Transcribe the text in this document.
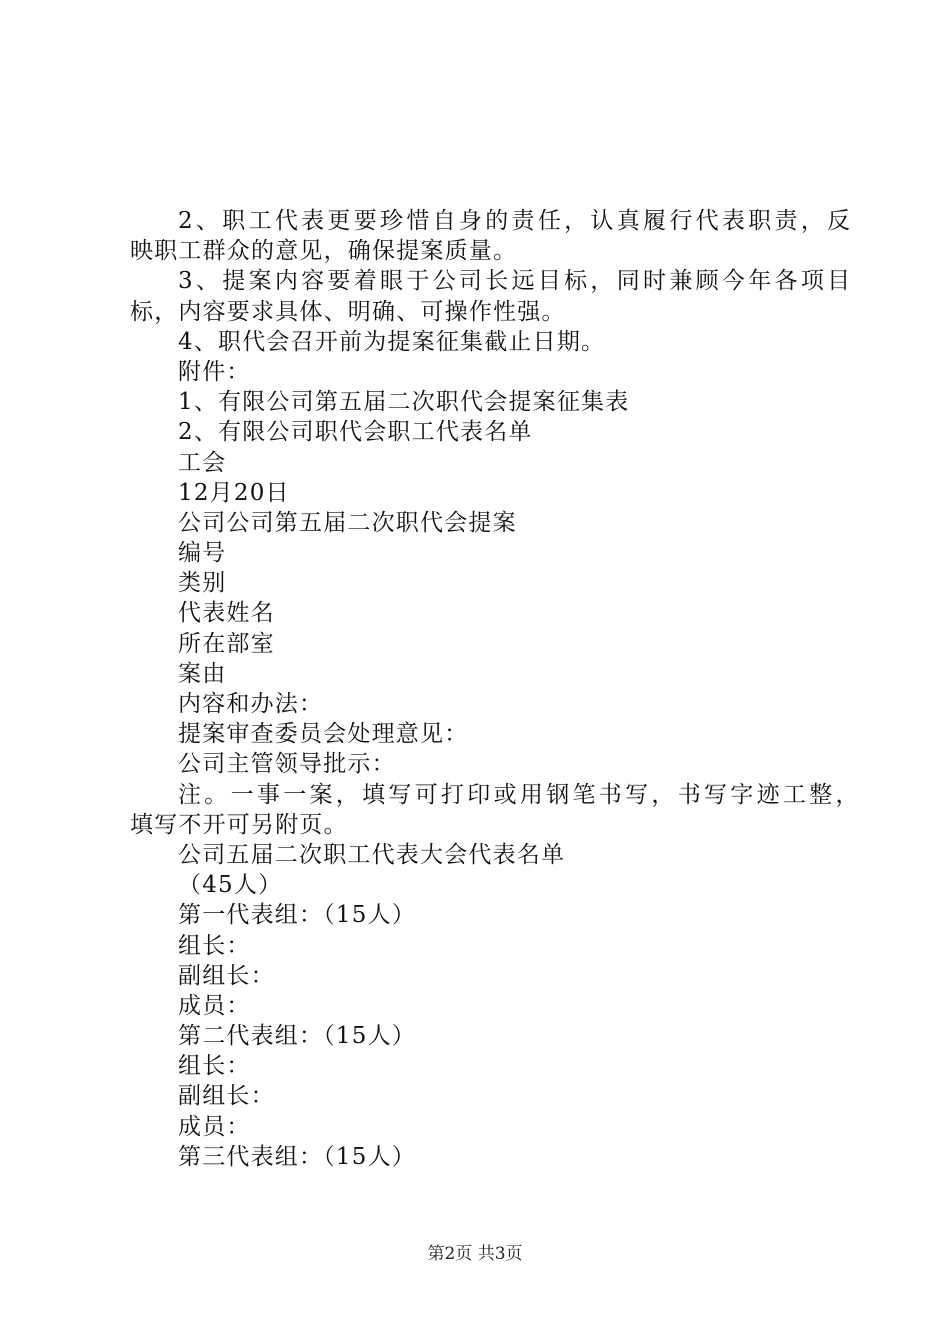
2、职工代表更要珍惜自身的责任，认真履行代表职责，反
映职工群众的意见，确保提案质量。
3、提案内容要着眼于公司长远目标，同时兼顾今年各项目
标，内容要求具体、明确、可操作性强。
4、职代会召开前为提案征集截止日期。
附件：
1、有限公司第五届二次职代会提案征集表
2、有限公司职代会职工代表名单
工会
12月20日
公司公司第五届二次职代会提案
编号
类别
代表姓名
所在部室
案由
内容和办法：
提案审查委员会处理意见：
公司主管领导批示：
注。一事一案，填写可打印或用钢笔书写，书写字迹工整，
填写不开可另附页。
公司五届二次职工代表大会代表名单
（45人）
第一代表组：（15人）
组长：
副组长：
成员：
第二代表组：（15人）
组长：
副组长：
成员：
第三代表组：（15人）
第2页 共3页
